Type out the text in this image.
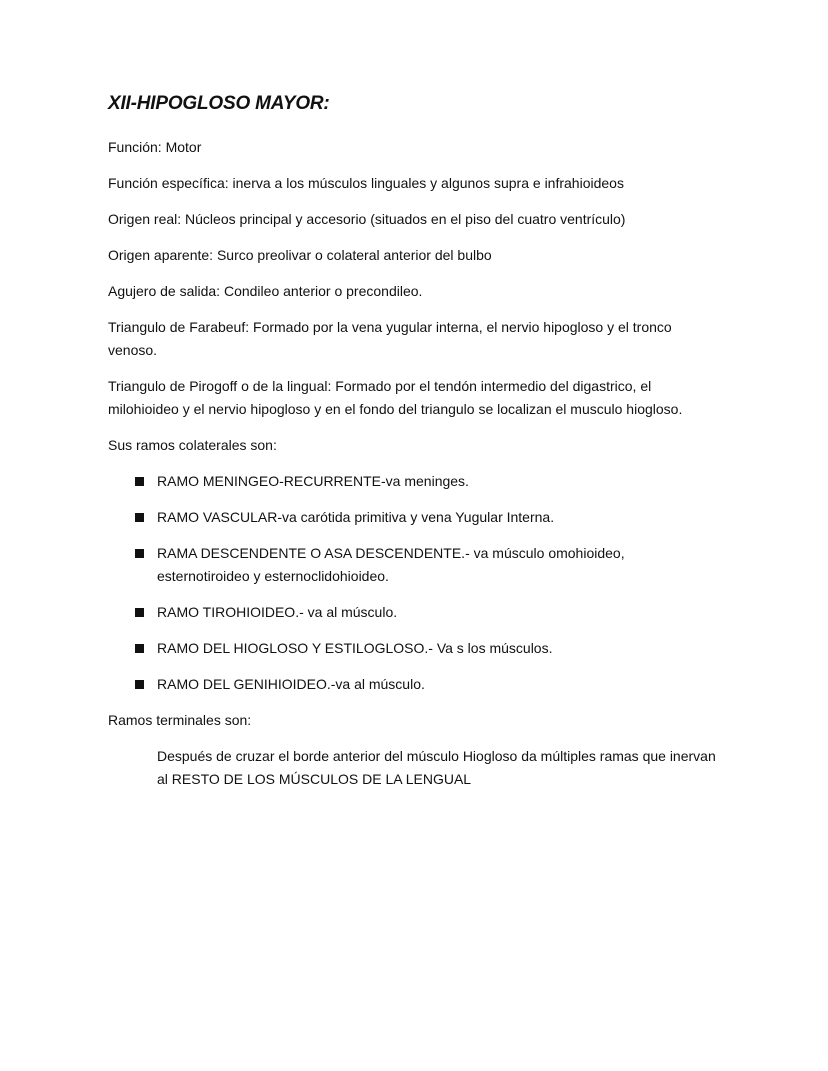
XII-HIPOGLOSO MAYOR:

Función: Motor

Función específica: inerva a los músculos linguales y algunos supra e infrahioideos

Origen real: Núcleos principal y accesorio (situados en el piso del cuatro ventrículo)

Origen aparente: Surco preolivar o colateral anterior del bulbo

Agujero de salida: Condileo anterior o precondileo.

Triangulo de Farabeuf: Formado por la vena yugular interna, el nervio hipogloso y el tronco venoso.

Triangulo de Pirogoff o de la lingual: Formado por el tendón intermedio del digastrico, el milohioideo y el nervio hipogloso y en el fondo del triangulo se localizan el musculo hiogloso.

Sus ramos colaterales son:

RAMO MENINGEO-RECURRENTE-va meninges.
RAMO VASCULAR-va carótida primitiva y vena Yugular Interna.
RAMA DESCENDENTE O ASA DESCENDENTE.- va músculo omohioideo, esternotiroideo y esternoclidohioideo.
RAMO TIROHIOIDEO.- va al músculo.
RAMO DEL HIOGLOSO Y ESTILOGLOSO.- Va s los músculos.
RAMO DEL GENIHIOIDEO.-va al músculo.

Ramos terminales son:

Después de cruzar el borde anterior del músculo Hiogloso da múltiples ramas que inervan al RESTO DE LOS MÚSCULOS DE LA LENGUAL
